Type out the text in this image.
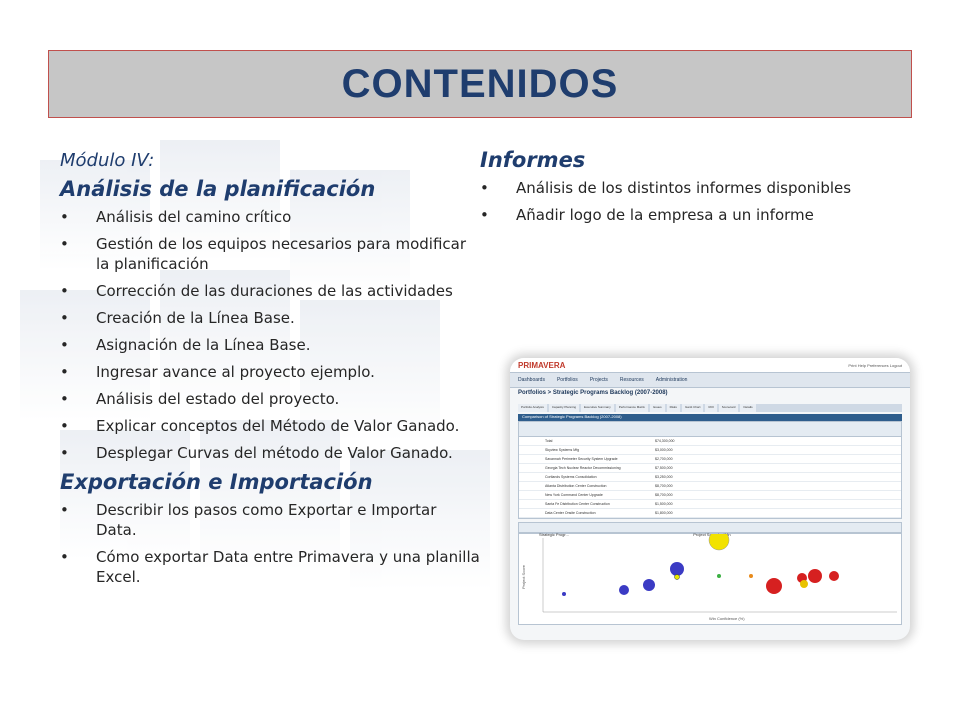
CONTENIDOS
Módulo IV:
Análisis de la planificación
• Análisis del camino crítico
• Gestión de los equipos necesarios para modificar la planificación
• Corrección de las duraciones de las actividades
• Creación de la Línea Base.
• Asignación de la Línea Base.
• Ingresar avance al proyecto ejemplo.
• Análisis del estado del proyecto.
• Explicar conceptos del Método de Valor Ganado.
• Desplegar Curvas del método de Valor Ganado.
Exportación e Importación
• Describir los pasos como Exportar e Importar Data.
• Cómo exportar Data entre Primavera y una planilla Excel.
Informes
• Análisis de los distintos informes disponibles
• Añadir logo de la empresa a un informe
PRIMAVERA	Print Help Preferences Logout
Dashboards Portfolios Projects Resources Administration
Portfolios > Strategic Programs Backlog (2007-2008)
Portfolio Analysis	Capacity Planning	Executive Summary	Performance Matrix	Issues	Risks	Gantt Chart	ROI	Scorecard	Details
Comparison of Strategic Programs Backlog (2007-2008)
Total	$74,300,000
Skyview Systems Mfg	$3,000,000
Savannah Perimeter Security System Upgrade	$2,700,000
Georgia Tech Nuclear Reactor Decommissioning	$7,500,000
Cortlands Systems Consolidation	$3,250,000
Atlanta Distribution Center Construction	$8,700,000
New York Command Center Upgrade	$8,700,000
Santa Fe Distribution Center Construction	$1,500,000
Data Center Onsite Construction	$1,800,000
Win Confidence (%)
Project Score
